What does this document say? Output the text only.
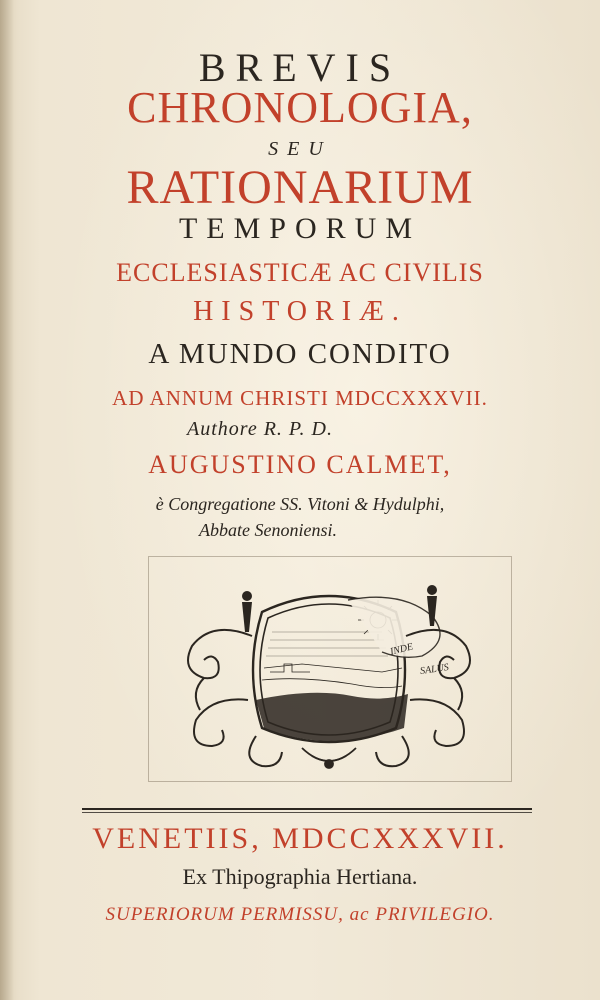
BREVIS
CHRONOLOGIA,
SEU
RATIONARIUM
TEMPORUM
ECCLESIASTICÆ AC CIVILIS
HISTORIÆ.
A MUNDO CONDITO
AD ANNUM CHRISTI MDCCXXXVII.
Authore R. P. D.
AUGUSTINO CALMET,
è Congregatione SS. Vitoni & Hydulphi,
Abbate Senoniensi.
INDE
SALUS
VENETIIS, MDCCXXXVII.
Ex Thipographia Hertiana.
SUPERIORUM PERMISSU, ac PRIVILEGIO.
